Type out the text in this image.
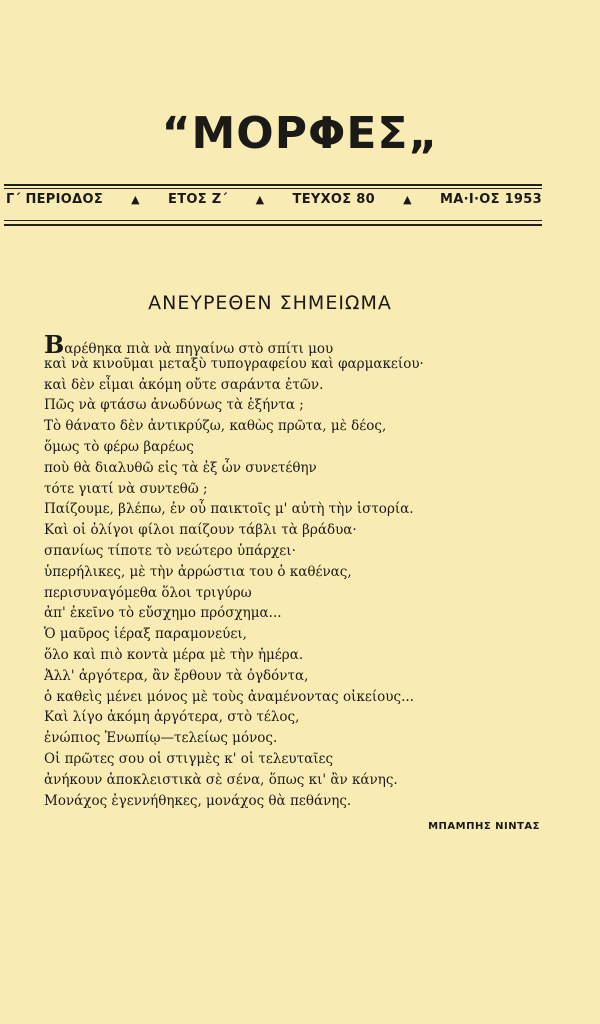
“ΜΟΡΦΕΣ„
Γ΄ ΠΕΡΙΟΔΟΣ	▲ ΕΤΟΣ Ζ΄	▲ ΤΕΥΧΟΣ 80	▲ ΜΑ·Ι·ΟΣ 1953
ΑΝΕΥΡΕΘΕΝ ΣΗΜΕΙΩΜΑ
Βαρέθηκα πιὰ νὰ πηγαίνω στὸ σπίτι μου
καὶ νὰ κινοῦμαι μεταξὺ τυπογραφείου καὶ φαρμακείου·
καὶ δὲν εἶμαι ἀκόμη οὔτε σαράντα ἐτῶν.
Πῶς νὰ φτάσω ἀνωδύνως τὰ ἑξήντα ;
Τὸ θάνατο δὲν ἀντικρύζω, καθὼς πρῶτα, μὲ δέος,
ὅμως τὸ φέρω βαρέως
ποὺ θὰ διαλυθῶ εἰς τὰ ἐξ ὧν συνετέθην
τότε γιατί νὰ συντεθῶ ;
Παίζουμε, βλέπω, ἐν οὗ παικτοῖς μ' αὐτὴ τὴν ἱστορία.
Καὶ οἱ ὀλίγοι φίλοι παίζουν τάβλι τὰ βράδυα·
σπανίως τίποτε τὸ νεώτερο ὑπάρχει·
ὑπερήλικες, μὲ τὴν ἀρρώστια του ὁ καθένας,
περισυναγόμεθα ὅλοι τριγύρω
ἀπ' ἐκεῖνο τὸ εὔσχημο πρόσχημα...
Ὁ μαῦρος ἱέραξ παραμονεύει,
ὅλο καὶ πιὸ κοντὰ μέρα μὲ τὴν ἡμέρα.
Ἀλλ' ἀργότερα, ἂν ἔρθουν τὰ ὀγδόντα,
ὁ καθεὶς μένει μόνος μὲ τοὺς ἀναμένοντας οἰκείους...
Καὶ λίγο ἀκόμη ἀργότερα, στὸ τέλος,
ἐνώπιος Ἐνωπίῳ—τελείως μόνος.
Οἱ πρῶτες σου οἱ στιγμὲς κ' οἱ τελευταῖες
ἀνήκουν ἀποκλειστικὰ σὲ σένα, ὅπως κι' ἂν κάνης.
Μονάχος ἐγεννήθηκες, μονάχος θὰ πεθάνης.
ΜΠΑΜΠΗΣ ΝΙΝΤΑΣ
